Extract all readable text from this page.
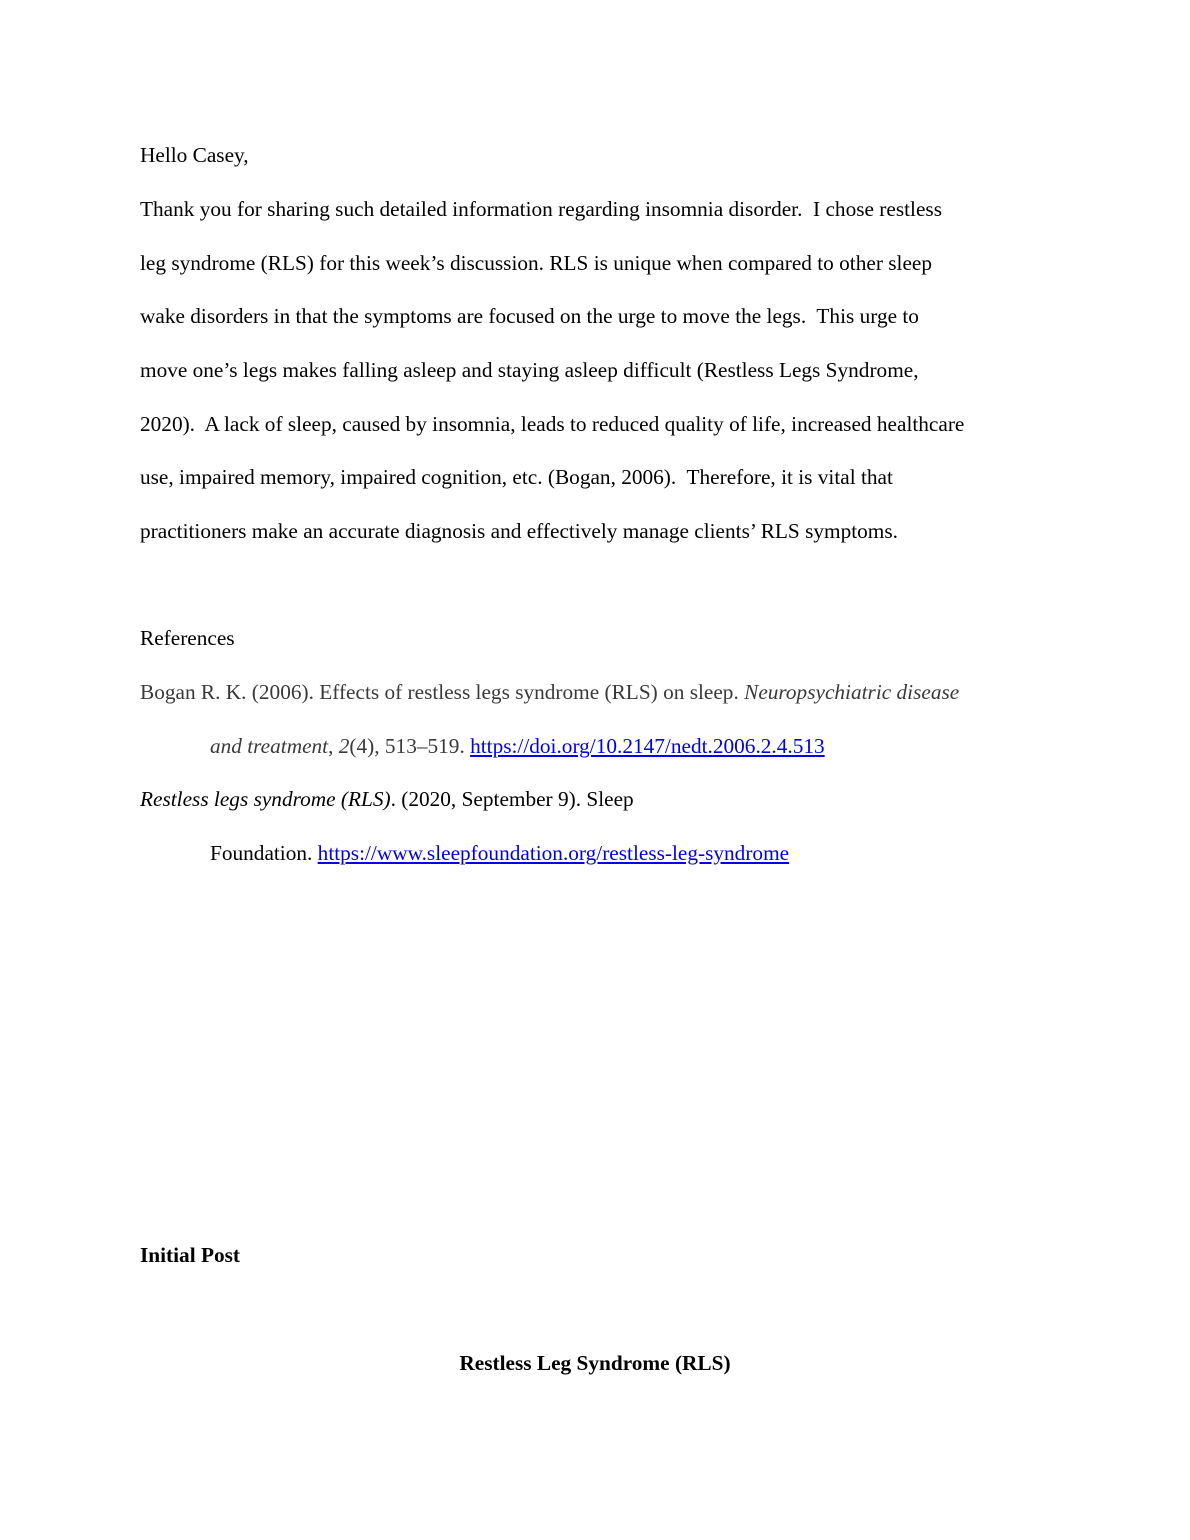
Hello Casey,
Thank you for sharing such detailed information regarding insomnia disorder.  I chose restless
leg syndrome (RLS) for this week’s discussion. RLS is unique when compared to other sleep
wake disorders in that the symptoms are focused on the urge to move the legs.  This urge to
move one’s legs makes falling asleep and staying asleep difficult (Restless Legs Syndrome,
2020).  A lack of sleep, caused by insomnia, leads to reduced quality of life, increased healthcare
use, impaired memory, impaired cognition, etc. (Bogan, 2006).  Therefore, it is vital that
practitioners make an accurate diagnosis and effectively manage clients’ RLS symptoms.
References
Bogan R. K. (2006). Effects of restless legs syndrome (RLS) on sleep. Neuropsychiatric disease
and treatment, 2(4), 513–519. https://doi.org/10.2147/nedt.2006.2.4.513
Restless legs syndrome (RLS). (2020, September 9). Sleep
Foundation. https://www.sleepfoundation.org/restless-leg-syndrome
Initial Post
Restless Leg Syndrome (RLS)
